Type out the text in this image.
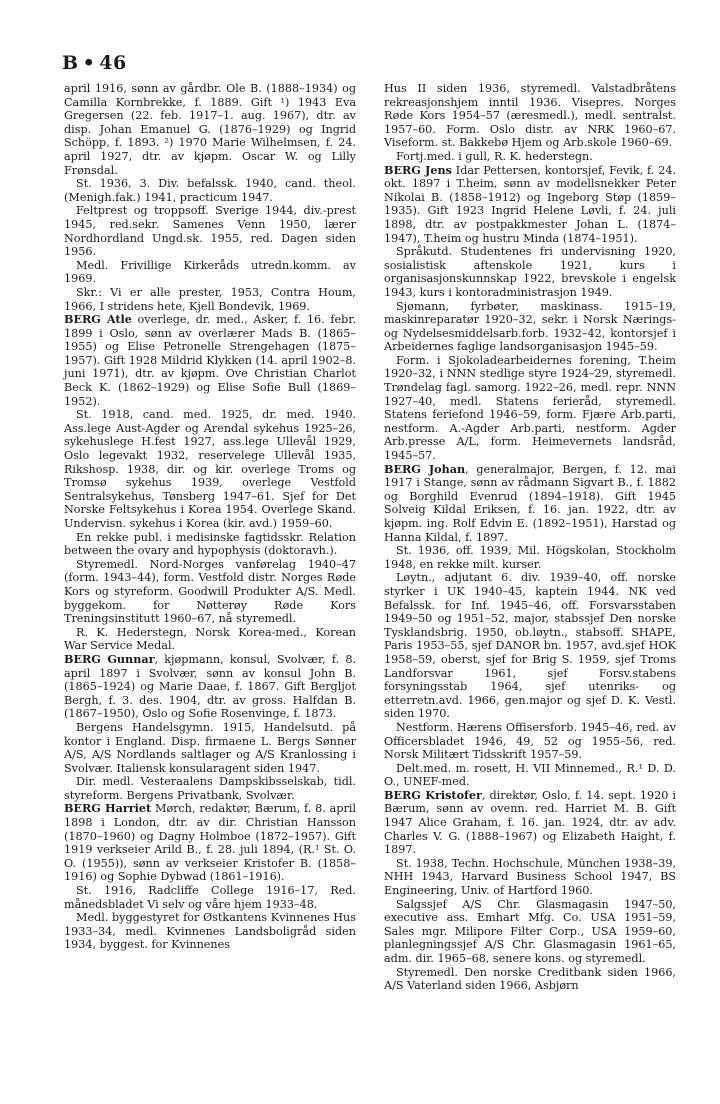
B • 46

april 1916, sønn av gårdbr. Ole B. (1888–1934) og Camilla Kornbrekke, f. 1889. Gift ¹) 1943 Eva Gregersen (22. feb. 1917–1. aug. 1967), dtr. av disp. Johan Emanuel G. (1876–1929) og Ingrid Schöpp, f. 1893. ²) 1970 Marie Wilhelmsen, f. 24. april 1927, dtr. av kjøpm. Oscar W. og Lilly Frønsdal.

St. 1936, 3. Div. befalssk. 1940, cand. theol. (Menigh.fak.) 1941, practicum 1947.

Feltprest og troppsoff. Sverige 1944, div.-prest 1945, red.sekr. Samenes Venn 1950, lærer Nordhordland Ungd.sk. 1955, red. Dagen siden 1956.

Medl. Frivillige Kirkeråds utredn.komm. av 1969.

Skr.: Vi er alle prester, 1953, Contra Houm, 1966, I stridens hete, Kjell Bondevik, 1969.

BERG Atle overlege, dr. med., Asker, f. 16. febr. 1899 i Oslo, sønn av overlærer Mads B. (1865–1955) og Elise Petronelle Strengehagen (1875–1957). Gift 1928 Mildrid Klykken (14. april 1902–8. juni 1971), dtr. av kjøpm. Ove Christian Charlot Beck K. (1862–1929) og Elise Sofie Bull (1869–1952).

St. 1918, cand. med. 1925, dr. med. 1940. Ass.lege Aust-Agder og Arendal sykehus 1925–26, sykehuslege H.fest 1927, ass.lege Ullevål 1929, Oslo legevakt 1932, reservelege Ullevål 1935, Rikshosp. 1938, dir. og kir. overlege Troms og Tromsø sykehus 1939, overlege Vestfold Sentralsykehus, Tønsberg 1947–61. Sjef for Det Norske Feltsykehus i Korea 1954. Overlege Skand. Undervisn. sykehus i Korea (kir. avd.) 1959–60.

En rekke publ. i medisinske fagtidsskr. Relation between the ovary and hypophysis (doktoravh.).

Styremedl. Nord-Norges vanførelag 1940–47 (form. 1943–44), form. Vestfold distr. Norges Røde Kors og styreform. Goodwill Produkter A/S. Medl. byggekom. for Nøtterøy Røde Kors Treningsinstitutt 1960–67, nå styremedl.

R. K. Hederstegn, Norsk Korea-med., Korean War Service Medal.

BERG Gunnar, kjøpmann, konsul, Svolvær, f. 8. april 1897 i Svolvær, sønn av konsul John B. (1865–1924) og Marie Daae, f. 1867. Gift Bergljot Bergh, f. 3. des. 1904, dtr. av gross. Halfdan B. (1867–1950), Oslo og Sofie Rosenvinge, f. 1873.

Bergens Handelsgymn. 1915, Handelsutd. på kontor i England. Disp. firmaene L. Bergs Sønner A/S, A/S Nordlands saltlager og A/S Kranlossing i Svolvær. Italiensk konsularagent siden 1947.

Dir. medl. Vesteraalens Dampskibsselskab, tidl. styreform. Bergens Privatbank, Svolvær.

BERG Harriet Mørch, redaktør, Bærum, f. 8. april 1898 i London, dtr. av dir. Christian Hansson (1870–1960) og Dagny Holmboe (1872–1957). Gift 1919 verkseier Arild B., f. 28. juli 1894, (R.¹ St. O. O. (1955)), sønn av verkseier Kristofer B. (1858–1916) og Sophie Dybwad (1861–1916).

St. 1916, Radcliffe College 1916–17, Red. månedsbladet Vi selv og våre hjem 1933–48.

Medl. byggestyret for Østkantens Kvinnenes Hus 1933–34, medl. Kvinnenes Landsboligråd siden 1934, byggest. for Kvinnenes

Hus II siden 1936, styremedl. Valstadbråtens rekreasjonshjem inntil 1936. Visepres. Norges Røde Kors 1954–57 (æresmedl.), medl. sentralst. 1957–60. Form. Oslo distr. av NRK 1960–67. Viseform. st. Bakkebø Hjem og Arb.skole 1960–69.

Fortj.med. i gull, R. K. hederstegn.

BERG Jens Idar Pettersen, kontorsjef, Fevik, f. 24. okt. 1897 i T.heim, sønn av modellsnekker Peter Nikolai B. (1858–1912) og Ingeborg Støp (1859–1935). Gift 1923 Ingrid Helene Løvli, f. 24. juli 1898, dtr. av postpakkmester Johan L. (1874–1947), T.heim og hustru Minda (1874–1951).

Språkutd. Studentenes fri undervisning 1920, sosialistisk aftenskole 1921, kurs i organisasjonskunnskap 1922, brevskole i engelsk 1943, kurs i kontoradministrasjon 1949.

Sjømann, fyrbøter, maskinass. 1915–19, maskinreparatør 1920–32, sekr. i Norsk Nærings- og Nydelsesmiddelsarb.forb. 1932–42, kontorsjef i Arbeidernes faglige landsorganisasjon 1945–59.

Form. i Sjokoladearbeidernes forening, T.heim 1920–32, i NNN stedlige styre 1924–29, styremedl. Trøndelag fagl. samorg. 1922–26, medl. repr. NNN 1927–40, medl. Statens ferieråd, styremedl. Statens feriefond 1946–59, form. Fjære Arb.parti, nestform. A.-Agder Arb.parti, nestform. Agder Arb.presse A/L, form. Heimevernets landsråd, 1945–57.

BERG Johan, generalmajor, Bergen, f. 12. mai 1917 i Stange, sønn av rådmann Sigvart B., f. 1882 og Borghild Evenrud (1894–1918). Gift 1945 Solveig Kildal Eriksen, f. 16. jan. 1922, dtr. av kjøpm. ing. Rolf Edvin E. (1892–1951), Harstad og Hanna Kildal, f. 1897.

St. 1936, off. 1939, Mil. Högskolan, Stockholm 1948, en rekke milt. kurser.

Løytn., adjutant 6. div. 1939–40, off. norske styrker i UK 1940–45, kaptein 1944. NK ved Befalssk. for Inf. 1945–46, off. Forsvarsstaben 1949–50 og 1951–52, major, stabssjef Den norske Tysklandsbrig. 1950, ob.løytn., stabsoff. SHAPE, Paris 1953–55, sjef DANOR bn. 1957, avd.sjef HOK 1958–59, oberst, sjef for Brig S. 1959, sjef Troms Landforsvar 1961, sjef Forsv.stabens forsyningsstab 1964, sjef utenriks- og etterretn.avd. 1966, gen.major og sjef D. K. Vestl. siden 1970.

Nestform. Hærens Offisersforb. 1945–46, red. av Officersbladet 1946, 49, 52 og 1955–56, red. Norsk Militært Tidsskrift 1957–59.

Delt.med. m. rosett, H. VII Minnemed., R.¹ D. D. O., UNEF-med.

BERG Kristofer, direktør, Oslo, f. 14. sept. 1920 i Bærum, sønn av ovenn. red. Harriet M. B. Gift 1947 Alice Graham, f. 16. jan. 1924, dtr. av adv. Charles V. G. (1888–1967) og Elizabeth Haight, f. 1897.

St. 1938, Techn. Hochschule, München 1938–39, NHH 1943, Harvard Business School 1947, BS Engineering, Univ. of Hartford 1960.

Salgssjef A/S Chr. Glasmagasin 1947–50, executive ass. Emhart Mfg. Co. USA 1951–59, Sales mgr. Milipore Filter Corp., USA 1959–60, planlegningssjef A/S Chr. Glasmagasin 1961–65, adm. dir. 1965–68, senere kons. og styremedl.

Styremedl. Den norske Creditbank siden 1966, A/S Vaterland siden 1966, Asbjørn
